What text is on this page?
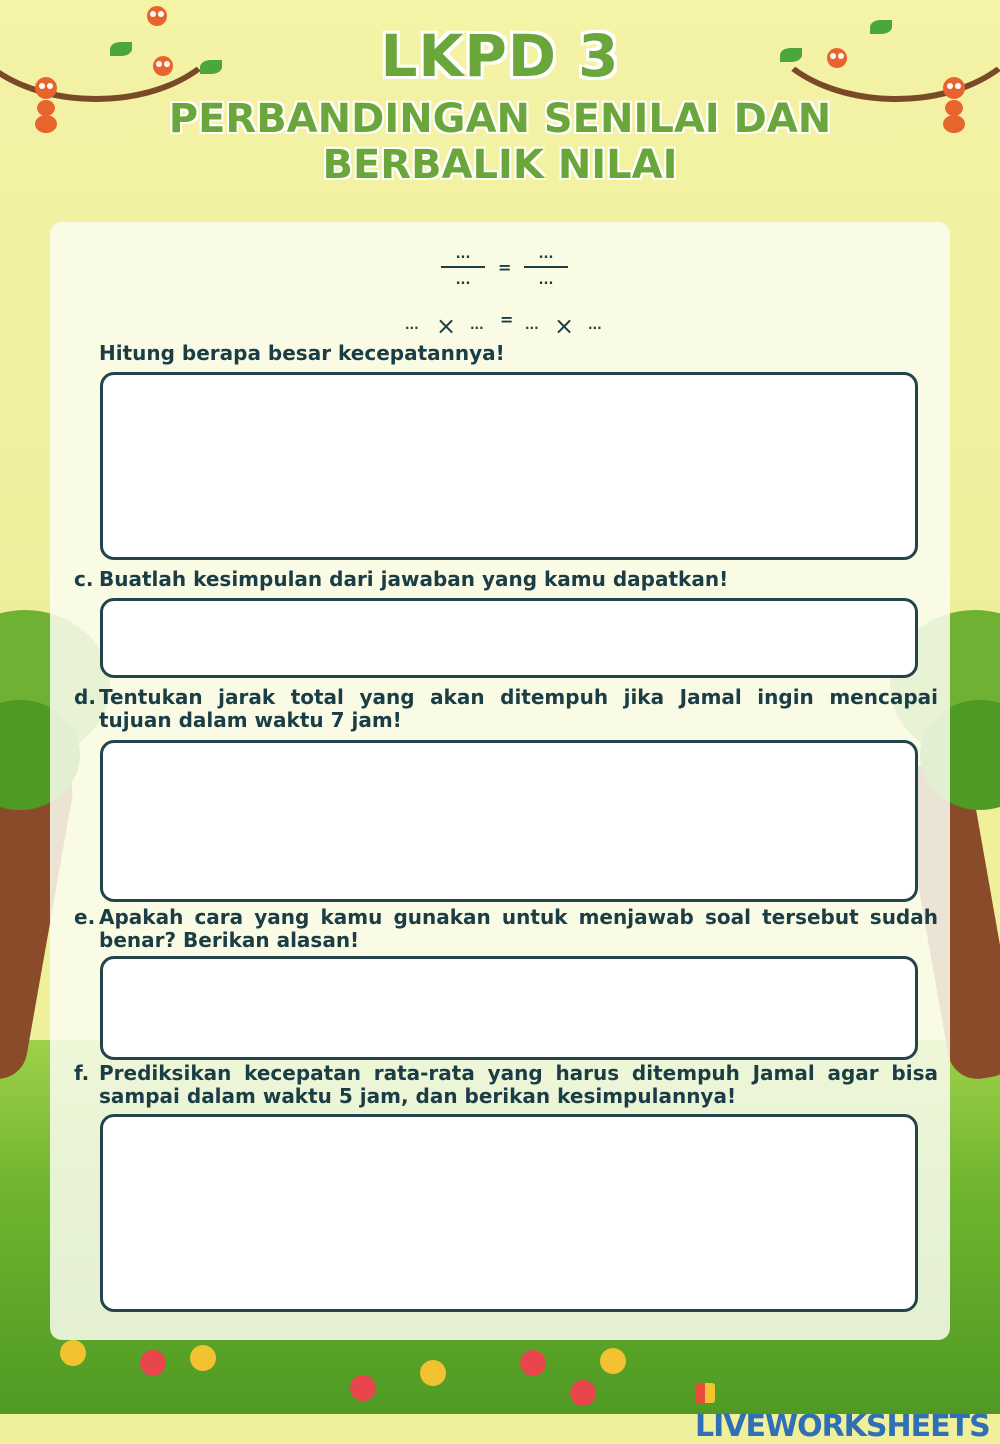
LKPD 3
PERBANDINGAN SENILAI DAN
BERBALIK NILAI
...
...
=
...
...
... × ... = ... × ...
Hitung berapa besar kecepatannya!
c. Buatlah kesimpulan dari jawaban yang kamu dapatkan!
d. Tentukan jarak total yang akan ditempuh jika Jamal ingin mencapai tujuan dalam waktu 7 jam!
e. Apakah cara yang kamu gunakan untuk menjawab soal tersebut sudah benar? Berikan alasan!
f. Prediksikan kecepatan rata-rata yang harus ditempuh Jamal agar bisa sampai dalam waktu 5 jam, dan berikan kesimpulannya!
LIVEWORKSHEETS
